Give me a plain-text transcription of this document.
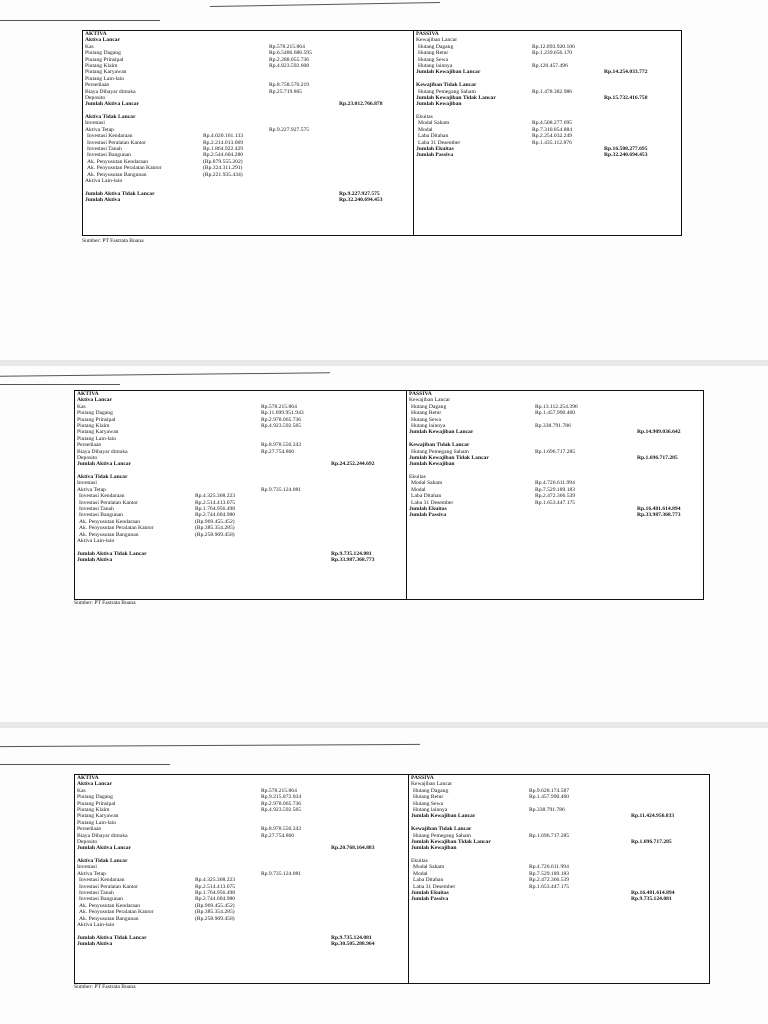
AKTIVA
Aktiva Lancar
Kas	Rp.578.215.864
Piutang Dagang	Rp.6.5486.686.595
Piutang Prinsipal	Rp.2.288.055.736
Piutang Klaim	Rp.4.823.592.608
Piutang Karyawan
Piutang Lain-lain
Persediaan	Rp.8.758.576.219
Biaya Dibayar dimuka	Rp.25.719.865
Deposito
Jumlah Aktiva Lancar	Rp.23.012.766.878
Aktiva Tidak Lancar
Investasi
Aktiva Tetap	Rp.9.227.927.575
Investasi Kendaraan	Rp.4.020.161.133
Investasi Peralatan Kantor	Rp.2.214.013.069
Investasi Tanah	Rp.1.864.922.429
Investasi Bangunan	Rp.2.544.604.280
Ak. Penyusutan Kendaraan	(Rp.879.555.202)
Ak. Penyusutan Peralatan Kantor	(Rp.324.311.291)
Ak. Penyusutan Bangunan	(Rp.221.935.434)
Aktiva Lain-lain
Jumlah Aktiva Tidak Lancar	Rp.9.227.927.575
Jumlah Aktiva	Rp.32.240.694.453
PASSIVA
Kewajiban Lancar
Hutang Dagang	Rp.12.893.920.106
Hutang Retur	Rp.1.239.656.170
Hutang Sewa
Hutang lainnya	Rp.120.457.496
Jumlah Kewajiban Lancar	Rp.14.254.033.772
Kewajiban Tidak Lancar
Hutang Pemegang Saham	Rp.1.478.382.986
Jumlah Kewajiban Tidak Lancar	Rp.15.732.416.758
Jumlah Kewajiban
Ekuitas
Modal Saham	Rp.4.508.277.695
Modal	Rp.7.310.854.884
Laba Ditahan	Rp.2.254.032.249
Laba 31 Desember	Rp.1.435.112.876
Jumlah Ekuitas	Rp.16.508.277.695
Jumlah Passiva	Rp.32.240.694.453
Sumber: PT Fastrata Buana
AKTIVA
Aktiva Lancar
Kas	Rp.578.215.864
Piutang Dagang	Rp.11.699.951.943
Piutang Prinsipal	Rp.2.978.065.736
Piutang Klaim	Rp.4.923.592.565
Piutang Karyawan
Piutang Lain-lain
Persediaan	Rp.8.978.556.243
Biaya Dibayar dimuka	Rp.27.754.866
Deposito
Jumlah Aktiva Lancar	Rp.24.252.244.692
Aktiva Tidak Lancar
Investasi
Aktiva Tetap	Rp.9.735.124.081
Investasi Kendaraan	Rp.4.325.368.223
Investasi Peralatan Kantor	Rp.2.514.413.675
Investasi Tanah	Rp.1.764.956.498
Investasi Bangunan	Rp.2.744.604.980
Ak. Penyusutan Kendaraan	(Rp.969.455.452)
Ak. Penyusutan Peralatan Kantor	(Rp.385.354.285)
Ak. Penyusutan Bangunan	(Rp.258.969.458)
Aktiva Lain-lain
Jumlah Aktiva Tidak Lancar	Rp.9.735.124.081
Jumlah Aktiva	Rp.33.987.368.773
PASSIVA
Kewajiban Lancar
Hutang Dagang	Rp.13.112.254.396
Hutang Retur	Rp.1.457.990.460
Hutang Sewa
Hutang lainnya	Rp.338.791.786
Jumlah Kewajiban Lancar	Rp.14.909.036.642
Kewajiban Tidak Lancar
Hutang Pemegang Saham	Rp.1.696.717.285
Jumlah Kewajiban Tidak Lancar	Rp.1.696.717.285
Jumlah Kewajiban
Ekuitas
Modal Saham	Rp.4.726.611.994
Modal	Rp.7.529.189.183
Laba Ditahan	Rp.2.472.366.539
Laba 31 Desember	Rp.1.653.447.175
Jumlah Ekuitas	Rp.16.481.614.894
Jumlah Passiva	Rp.33.987.368.773
Sumber: PT Fastrata Buana
AKTIVA
Aktiva Lancar
Kas	Rp.578.215.864
Piutang Dagang	Rp.9.215.872.034
Piutang Prinsipal	Rp.2.978.065.736
Piutang Klaim	Rp.4.923.592.565
Piutang Karyawan
Piutang Lain-lain
Persediaan	Rp.8.978.556.243
Biaya Dibayar dimuka	Rp.27.754.866
Deposito
Jumlah Aktiva Lancar	Rp.20.768.164.883
Aktiva Tidak Lancar
Investasi
Aktiva Tetap	Rp.9.735.124.081
Investasi Kendaraan	Rp.4.325.368.223
Investasi Peralatan Kantor	Rp.2.514.413.675
Investasi Tanah	Rp.1.764.956.498
Investasi Bangunan	Rp.2.744.604.980
Ak. Penyusutan Kendaraan	(Rp.969.455.452)
Ak. Penyusutan Peralatan Kantor	(Rp.385.354.285)
Ak. Penyusutan Bangunan	(Rp.258.969.458)
Aktiva Lain-lain
Jumlah Aktiva Tidak Lancar	Rp.9.735.124.081
Jumlah Aktiva	Rp.30.505.288.964
PASSIVA
Kewajiban Lancar
Hutang Dagang	Rp.9.628.174.587
Hutang Retur	Rp.1.457.990.460
Hutang Sewa
Hutang lainnya	Rp.338.791.786
Jumlah Kewajiban Lancar	Rp.11.424.956.833
Kewajiban Tidak Lancar
Hutang Pemegang Saham	Rp.1.696.717.285
Jumlah Kewajiban Tidak Lancar	Rp.1.696.717.285
Jumlah Kewajiban
Ekuitas
Modal Saham	Rp.4.726.611.994
Modal	Rp.7.529.189.183
Laba Ditahan	Rp.2.472.366.539
Laba 31 Desember	Rp.1.653.447.175
Jumlah Ekuitas	Rp.16.481.614.894
Jumlah Passiva	Rp.9.735.124.081
Sumber: PT Fastrata Buana
